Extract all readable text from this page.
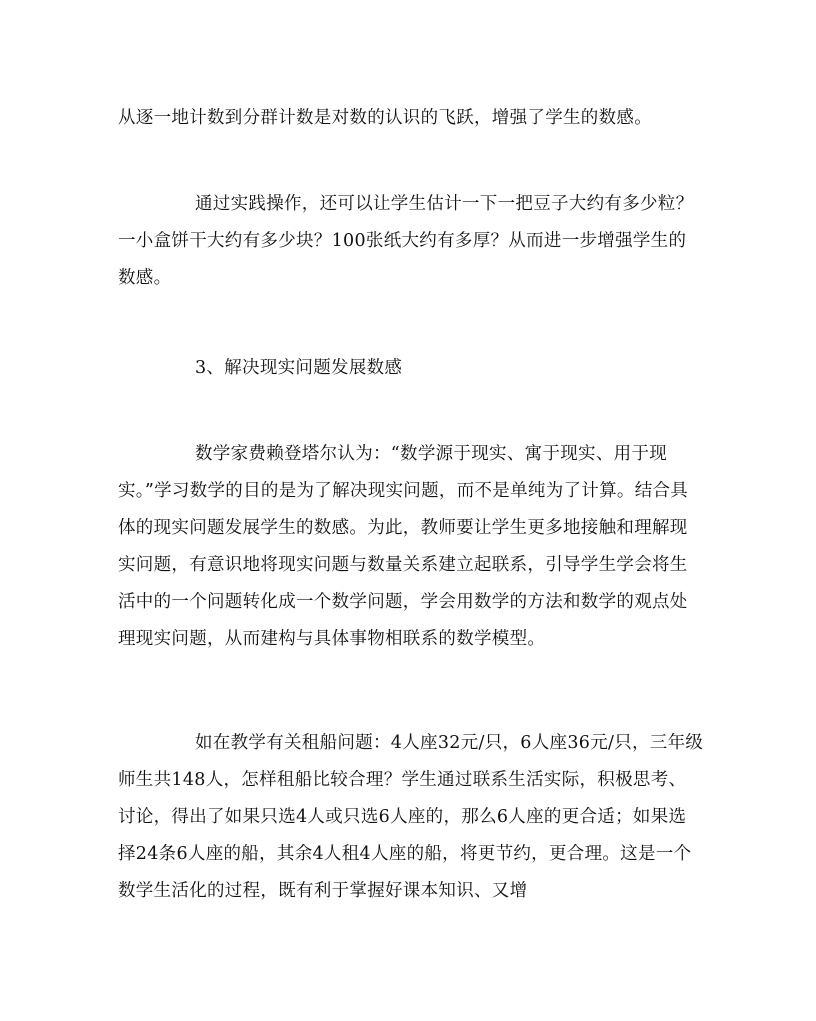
从逐一地计数到分群计数是对数的认识的飞跃，增强了学生的数感。

通过实践操作，还可以让学生估计一下一把豆子大约有多少粒？一小盒饼干大约有多少块？100张纸大约有多厚？从而进一步增强学生的数感。

3、解决现实问题发展数感

数学家费赖登塔尔认为：“数学源于现实、寓于现实、用于现实。”学习数学的目的是为了解决现实问题，而不是单纯为了计算。结合具体的现实问题发展学生的数感。为此，教师要让学生更多地接触和理解现实问题，有意识地将现实问题与数量关系建立起联系，引导学生学会将生活中的一个问题转化成一个数学问题，学会用数学的方法和数学的观点处理现实问题，从而建构与具体事物相联系的数学模型。

如在教学有关租船问题：4人座32元/只，6人座36元/只，三年级师生共148人，怎样租船比较合理？学生通过联系生活实际，积极思考、讨论，得出了如果只选4人或只选6人座的，那么6人座的更合适；如果选择24条6人座的船，其余4人租4人座的船，将更节约，更合理。这是一个数学生活化的过程，既有利于掌握好课本知识、又增
